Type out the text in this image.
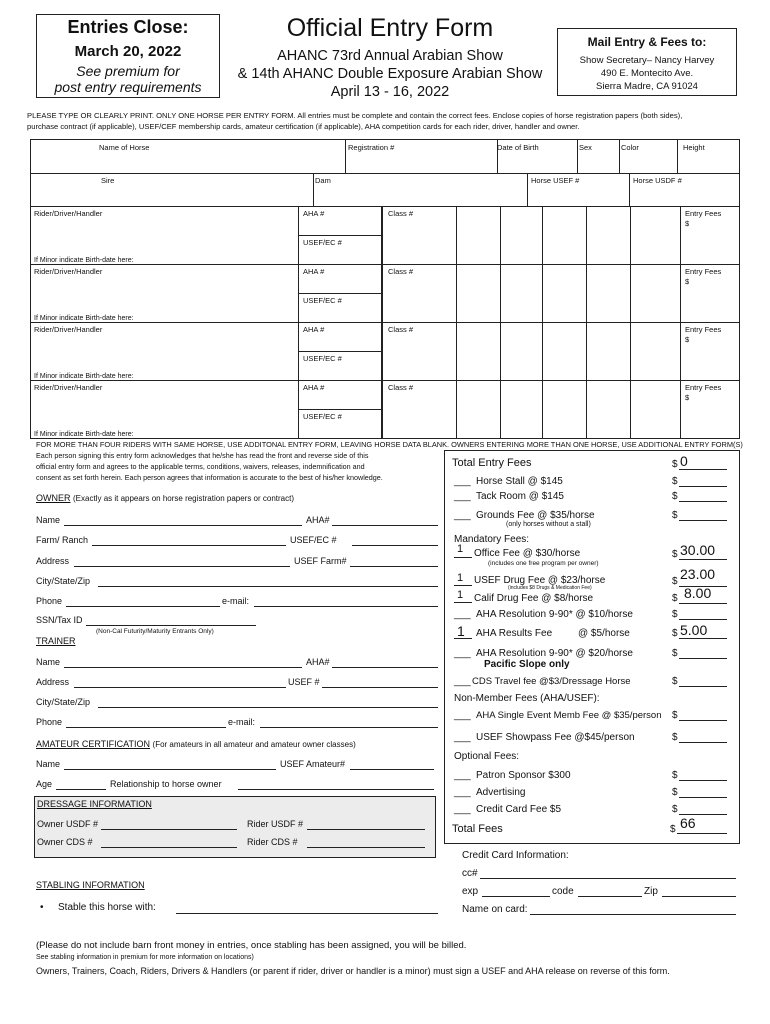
Entries Close:
March 20, 2022
See premium for
post entry requirements
Official Entry Form
AHANC 73rd Annual Arabian Show
& 14th AHANC Double Exposure Arabian Show
April 13 - 16, 2022
Mail Entry & Fees to:
Show Secretary– Nancy Harvey
490 E. Montecito Ave.
Sierra Madre, CA 91024
PLEASE TYPE OR CLEARLY PRINT. ONLY ONE HORSE PER ENTRY FORM. All entries must be complete and contain the correct fees. Enclose copies of horse registration papers (both sides),
purchase contract (if applicable), USEF/CEF membership cards, amateur certification (if applicable), AHA competition cards for each rider, driver, handler and owner.
Name of Horse	Registration #	Date of Birth	Sex	Color	Height
Sire	Dam	Horse USEF #	Horse USDF #
Rider/Driver/Handler	AHA #
USEF/EC #
Class #	Entry Fees
$
If Minor indicate Birth-date here:
Rider/Driver/Handler	AHA #
USEF/EC #
Class #	Entry Fees
$
If Minor indicate Birth-date here:
Rider/Driver/Handler	AHA #
USEF/EC #
Class #	Entry Fees
$
If Minor indicate Birth-date here:
Rider/Driver/Handler	AHA #
USEF/EC #
Class #	Entry Fees
$
If Minor indicate Birth-date here:
FOR MORE THAN FOUR RIDERS WITH SAME HORSE, USE ADDITONAL ENTRY FORM, LEAVING HORSE DATA BLANK. OWNERS ENTERING MORE THAN ONE HORSE, USE ADDITIONAL ENTRY FORM(S)
Each person signing this entry form acknowledges that he/she has read the front and reverse side of this
official entry form and agrees to the applicable terms, conditions, waivers, releases, indemnification and
consent as set forth herein. Each person agrees that information is accurate to the best of his/her knowledge.
OWNER (Exactly as it appears on horse registration papers or contract)
Name	AHA#
Farm/ Ranch	USEF/EC #
Address	USEF Farm#
City/State/Zip
Phone	e-mail:
SSN/Tax ID
(Non-Cal Futurity/Maturity Entrants Only)
TRAINER
Name	AHA#
Address	USEF #
City/State/Zip
Phone	e-mail:
AMATEUR CERTIFICATION (For amateurs in all amateur and amateur owner classes)
Name	USEF Amateur#
Age	Relationship to horse owner
DRESSAGE INFORMATION
Owner USDF #	Rider USDF #
Owner CDS #	Rider CDS #
STABLING INFORMATION
• Stable this horse with:
Total Entry Fees	$ 0
___ Horse Stall @ $145	$
___ Tack Room @ $145	$
___ Grounds Fee @ $35/horse
(only horses without a stall)
$
Mandatory Fees:
1 Office Fee @ $30/horse
(includes one free program per owner)
$ 30.00
1 USEF Drug Fee @ $23/horse
(includes $8 Drugs & Medication Fee)
$ 23.00
1 Calif Drug Fee @ $8/horse	$ 8.00
___ AHA Resolution 9-90* @ $10/horse	$
1 AHA Results Fee	@ $5/horse	$ 5.00
___ AHA Resolution 9-90* @ $20/horse
Pacific Slope only
$
___ CDS Travel fee @$3/Dressage Horse	$
Non-Member Fees (AHA/USEF):
___ AHA Single Event Memb Fee @ $35/person $
___ USEF Showpass Fee @$45/person	$
Optional Fees:
___ Patron Sponsor $300	$
___ Advertising	$
___ Credit Card Fee $5	$
Total Fees	$ 66
Credit Card Information:
cc#
exp	code	Zip
Name on card:
(Please do not include barn front money in entries, once stabling has been assigned, you will be billed.
See stabling information in premium for more information on locations)
Owners, Trainers, Coach, Riders, Drivers & Handlers (or parent if rider, driver or handler is a minor) must sign a USEF and AHA release on reverse of this form.
